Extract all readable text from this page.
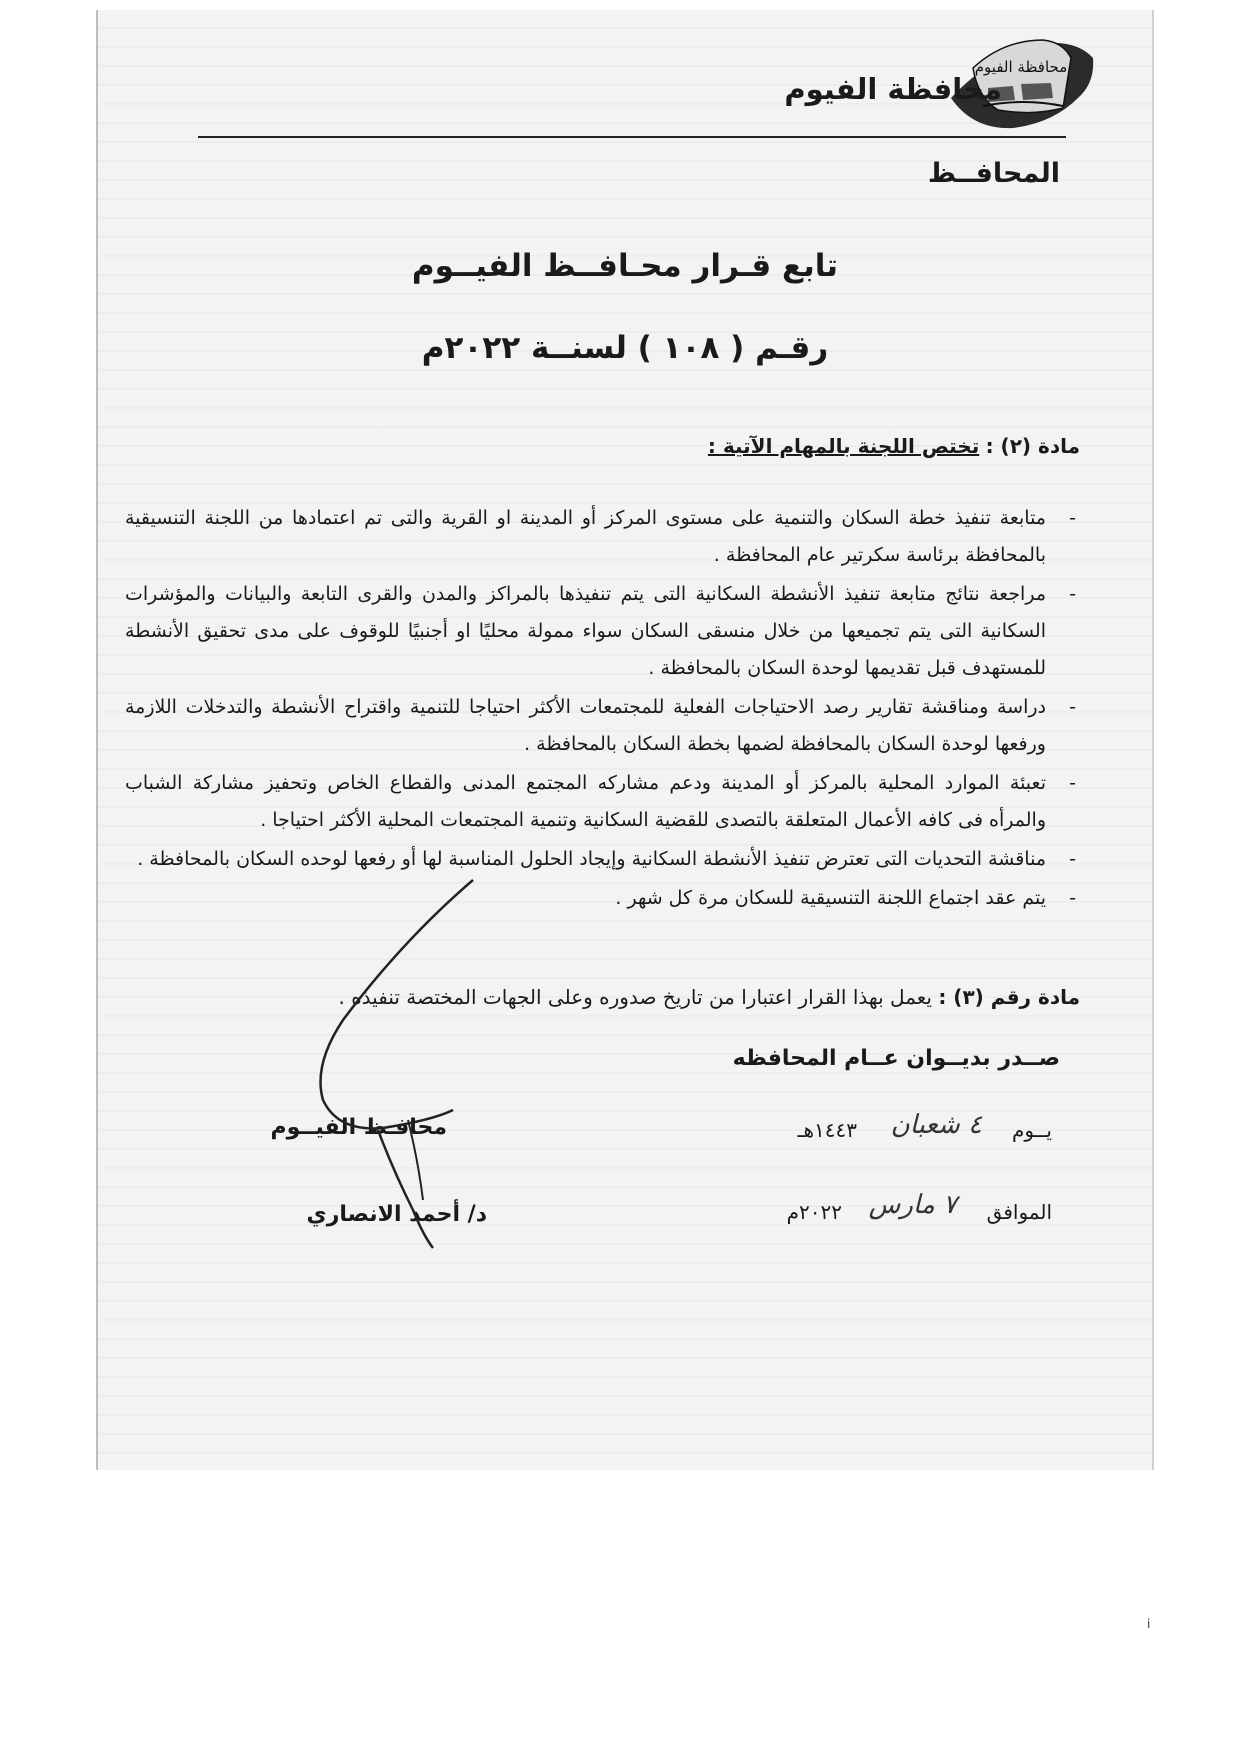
محافظة الفيوم
محافظة الفيوم
المحافــظ
تابع قـرار محـافــظ الفيــوم
رقـم ( ١٠٨ ) لسنــة ٢٠٢٢م
مادة (٢) : تختص اللجنة بالمهام الآتية :
- متابعة تنفيذ خطة السكان والتنمية على مستوى المركز أو المدينة او القرية والتى تم اعتمادها من اللجنة التنسيقية بالمحافظة برئاسة سكرتير عام المحافظة .
- مراجعة نتائج متابعة تنفيذ الأنشطة السكانية التى يتم تنفيذها بالمراكز والمدن والقرى التابعة والبيانات والمؤشرات السكانية التى يتم تجميعها من خلال منسقى السكان سواء ممولة محليًا او أجنبيًا للوقوف على مدى تحقيق الأنشطة للمستهدف قبل تقديمها لوحدة السكان بالمحافظة .
- دراسة ومناقشة تقارير رصد الاحتياجات الفعلية للمجتمعات الأكثر احتياجا للتنمية واقتراح الأنشطة والتدخلات اللازمة ورفعها لوحدة السكان بالمحافظة لضمها بخطة السكان بالمحافظة .
- تعبئة الموارد المحلية بالمركز أو المدينة ودعم مشاركه المجتمع المدنى والقطاع الخاص وتحفيز مشاركة الشباب والمرأه فى كافه الأعمال المتعلقة بالتصدى للقضية السكانية وتنمية المجتمعات المحلية الأكثر احتياجا .
- مناقشة التحديات التى تعترض تنفيذ الأنشطة السكانية وإيجاد الحلول المناسبة لها أو رفعها لوحده السكان بالمحافظة .
- يتم عقد اجتماع اللجنة التنسيقية للسكان مرة كل شهر .
مادة رقم (٣) : يعمل بهذا القرار اعتبارا من تاريخ صدوره وعلى الجهات المختصة تنفيذه .
صــدر بديــوان عــام المحافظه
يــوم
٤ شعبان
١٤٤٣هـ
محافـظ الفيــوم
الموافق
٧ مارس
٢٠٢٢م
د/ أحمد الانصاري
i
